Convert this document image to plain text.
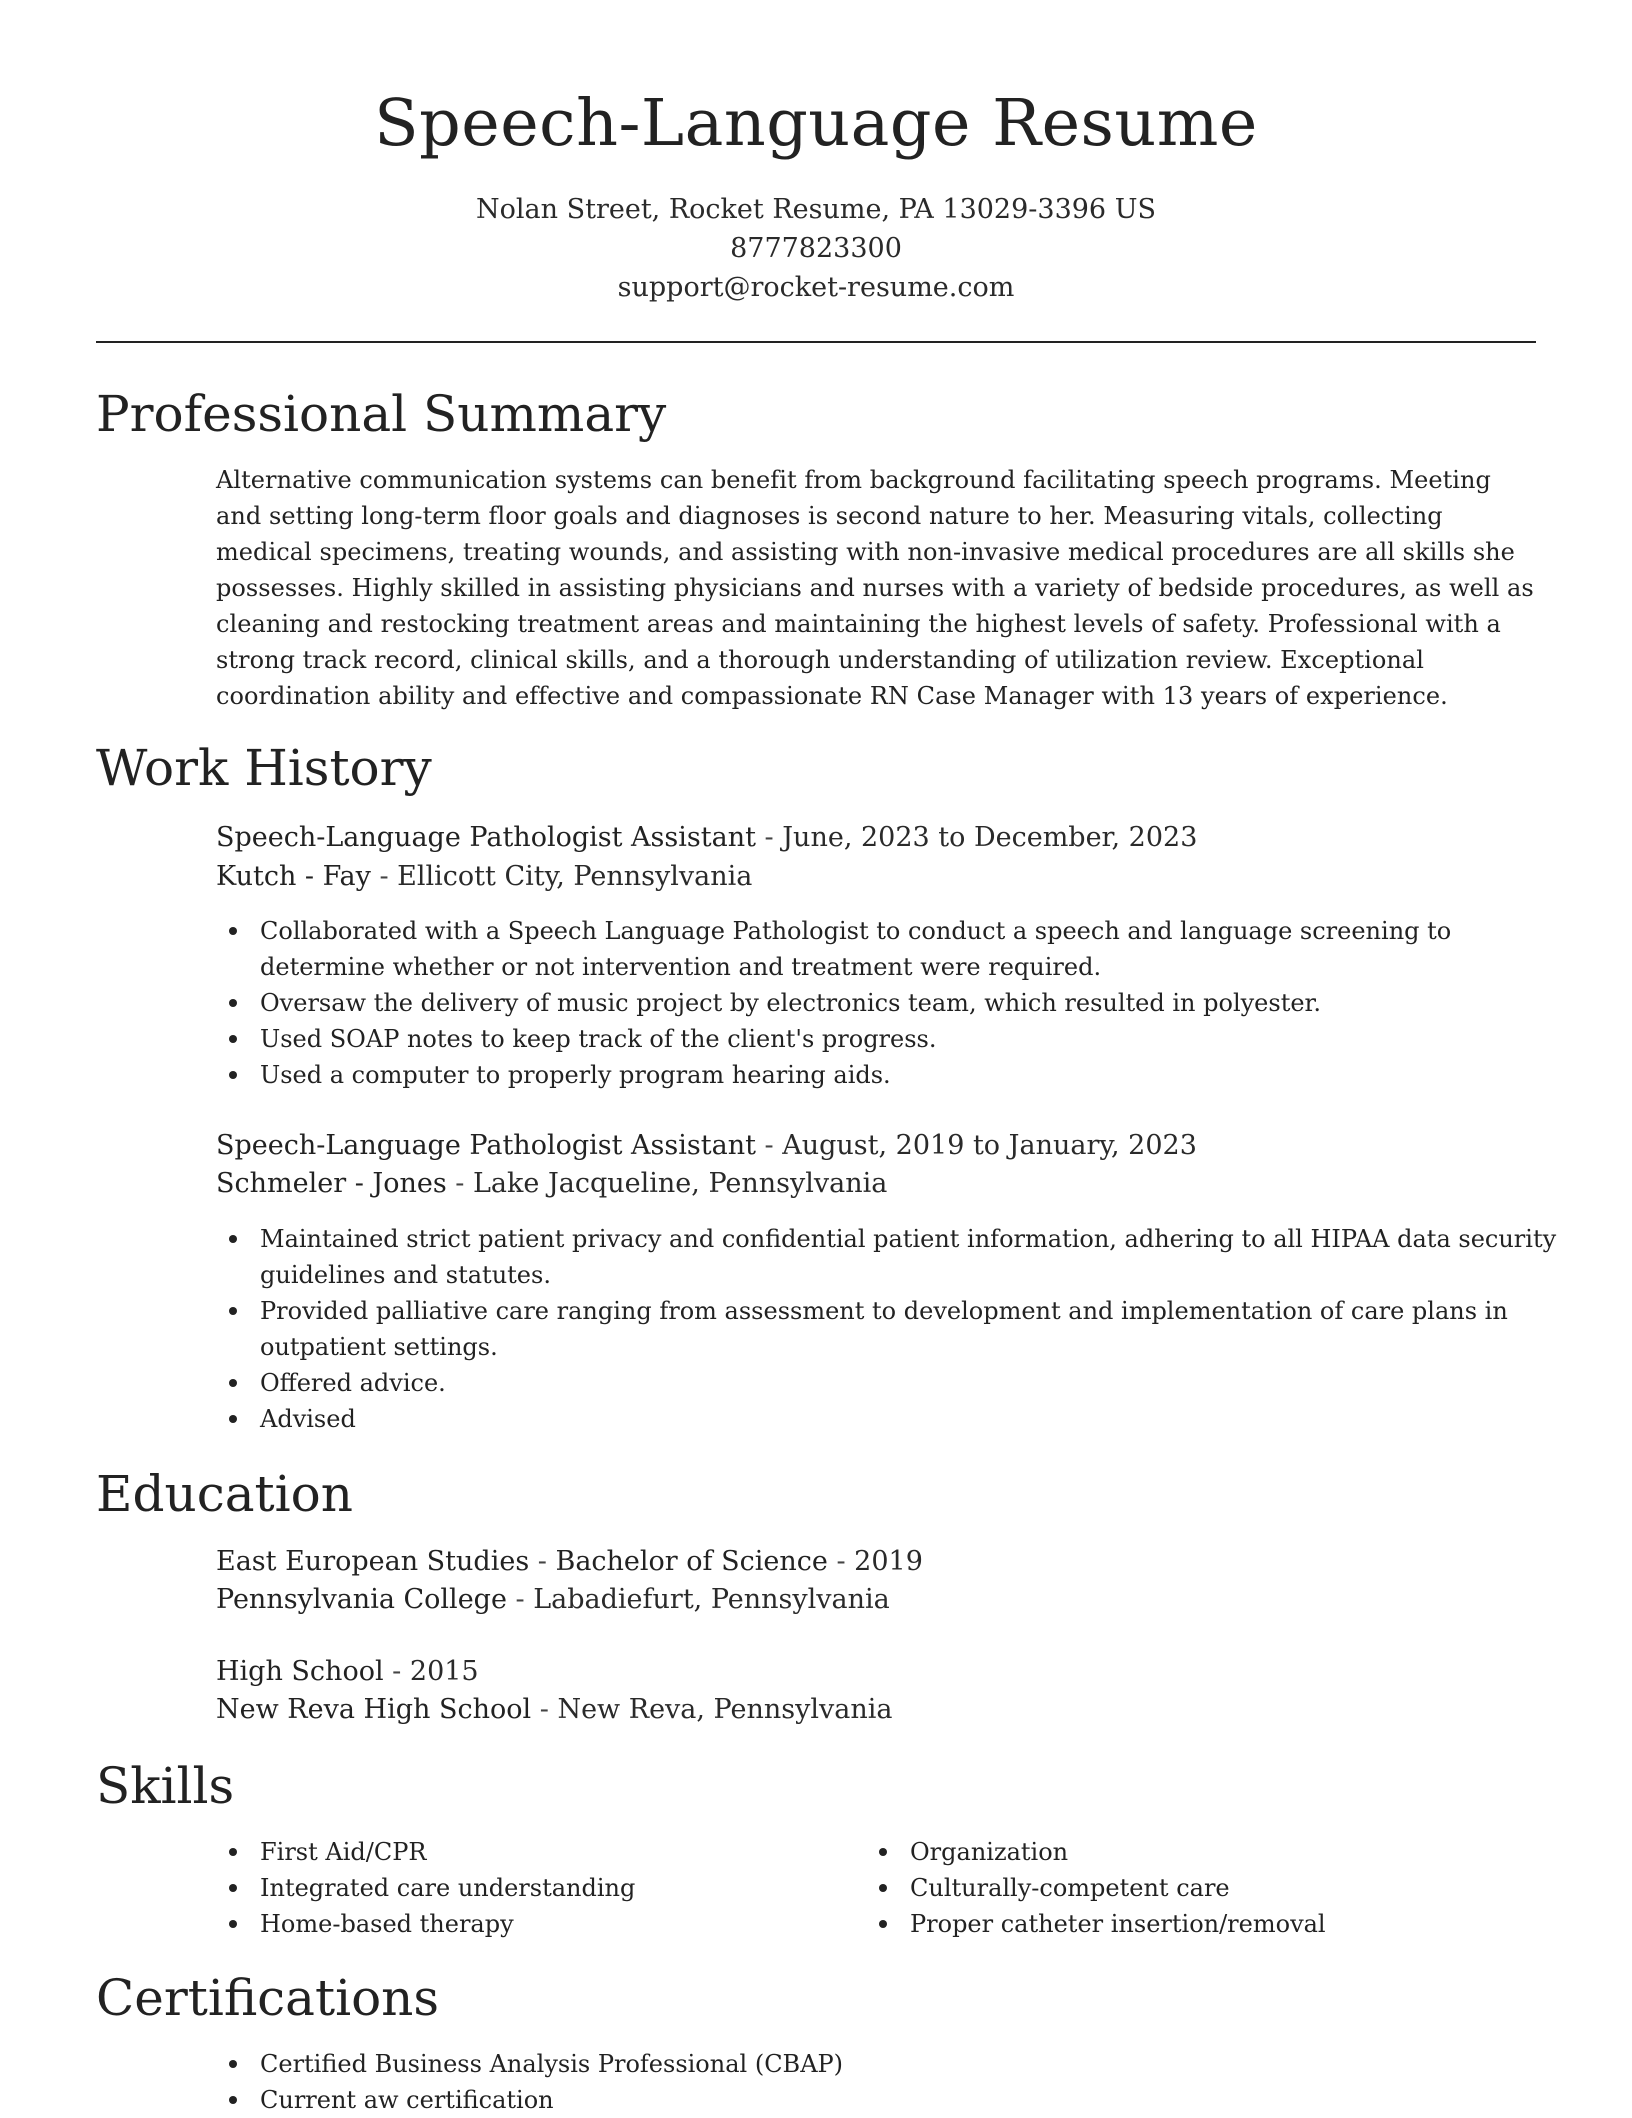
Speech-Language Resume
Nolan Street, Rocket Resume, PA 13029-3396 US
8777823300
support@rocket-resume.com
Professional Summary

Alternative communication systems can benefit from background facilitating speech programs. Meeting and setting long-term floor goals and diagnoses is second nature to her. Measuring vitals, collecting medical specimens, treating wounds, and assisting with non-invasive medical procedures are all skills she possesses. Highly skilled in assisting physicians and nurses with a variety of bedside procedures, as well as cleaning and restocking treatment areas and maintaining the highest levels of safety. Professional with a strong track record, clinical skills, and a thorough understanding of utilization review. Exceptional coordination ability and effective and compassionate RN Case Manager with 13 years of experience.

Work History
Speech-Language Pathologist Assistant - June, 2023 to December, 2023
Kutch - Fay - Ellicott City, Pennsylvania
Collaborated with a Speech Language Pathologist to conduct a speech and language screening to determine whether or not intervention and treatment were required.
Oversaw the delivery of music project by electronics team, which resulted in polyester.
Used SOAP notes to keep track of the client's progress.
Used a computer to properly program hearing aids.
Speech-Language Pathologist Assistant - August, 2019 to January, 2023
Schmeler - Jones - Lake Jacqueline, Pennsylvania
Maintained strict patient privacy and confidential patient information, adhering to all HIPAA data security guidelines and statutes.
Provided palliative care ranging from assessment to development and implementation of care plans in outpatient settings.
Offered advice.
Advised
Education
East European Studies - Bachelor of Science - 2019
Pennsylvania College - Labadiefurt, Pennsylvania
High School - 2015
New Reva High School - New Reva, Pennsylvania
Skills
First Aid/CPR
Integrated care understanding
Home-based therapy
Organization
Culturally-competent care
Proper catheter insertion/removal
Certifications
Certified Business Analysis Professional (CBAP)
Current aw certification
